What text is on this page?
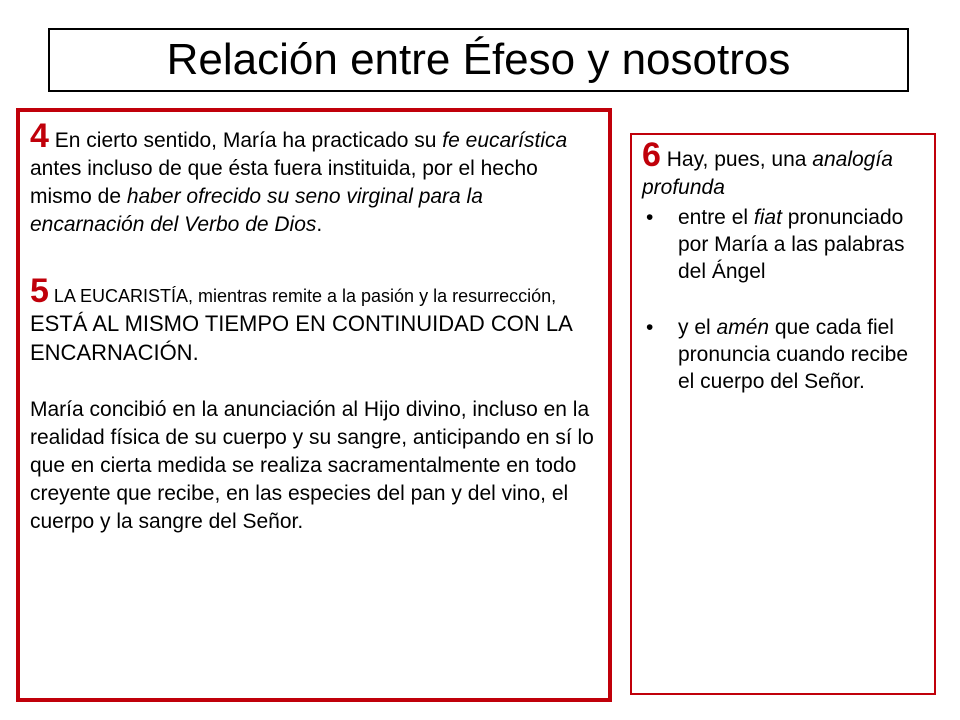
Relación entre Éfeso y nosotros

4 En cierto sentido, María ha practicado su fe eucarística antes incluso de que ésta fuera instituida, por el hecho mismo de haber ofrecido su seno virginal para la encarnación del Verbo de Dios.

5 LA EUCARISTÍA, mientras remite a la pasión y la resurrección, ESTÁ AL MISMO TIEMPO EN CONTINUIDAD CON LA ENCARNACIÓN.

María concibió en la anunciación al Hijo divino, incluso en la realidad física de su cuerpo y su sangre, anticipando en sí lo que en cierta medida se realiza sacramentalmente en todo creyente que recibe, en las especies del pan y del vino, el cuerpo y la sangre del Señor.

6 Hay, pues, una analogía profunda

• entre el fiat pronunciado por María a las palabras del Ángel
• y el amén que cada fiel pronuncia cuando recibe el cuerpo del Señor.
